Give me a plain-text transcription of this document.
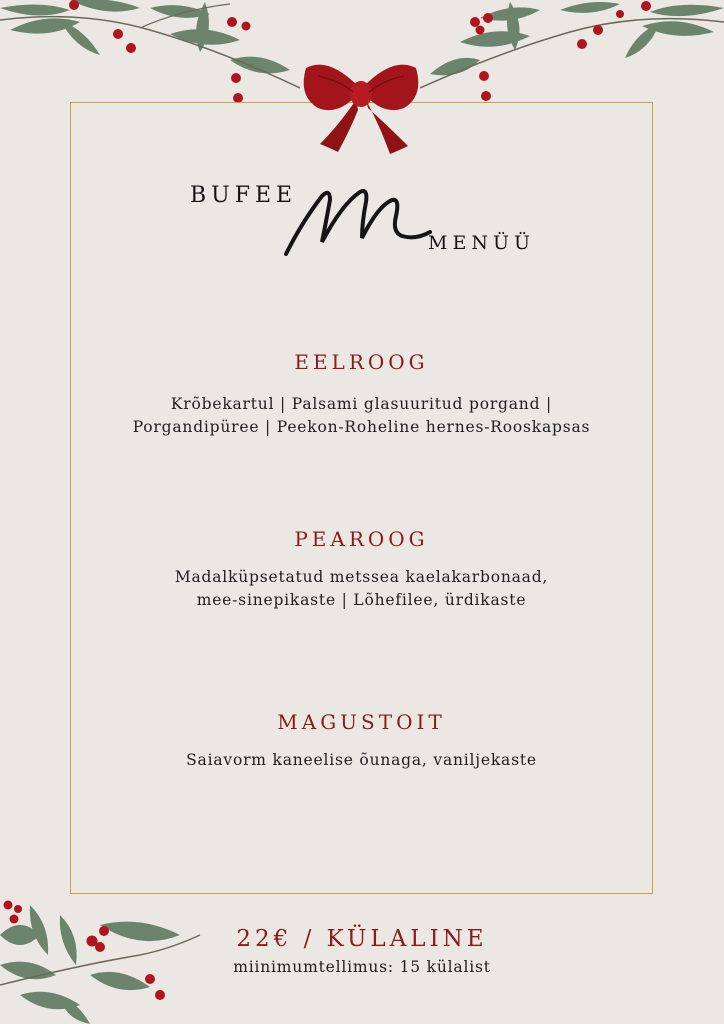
BUFEE
MENÜÜ
EELROOG
Krõbekartul | Palsami glasuuritud porgand |
Porgandipüree | Peekon-Roheline hernes-Rooskapsas
PEAROOG
Madalküpsetatud metssea kaelakarbonaad,
mee-sinepikaste | Lõhefilee, ürdikaste
MAGUSTOIT
Saiavorm kaneelise õunaga, vaniljekaste
22€ / KÜLALINE
miinimumtellimus: 15 külalist
